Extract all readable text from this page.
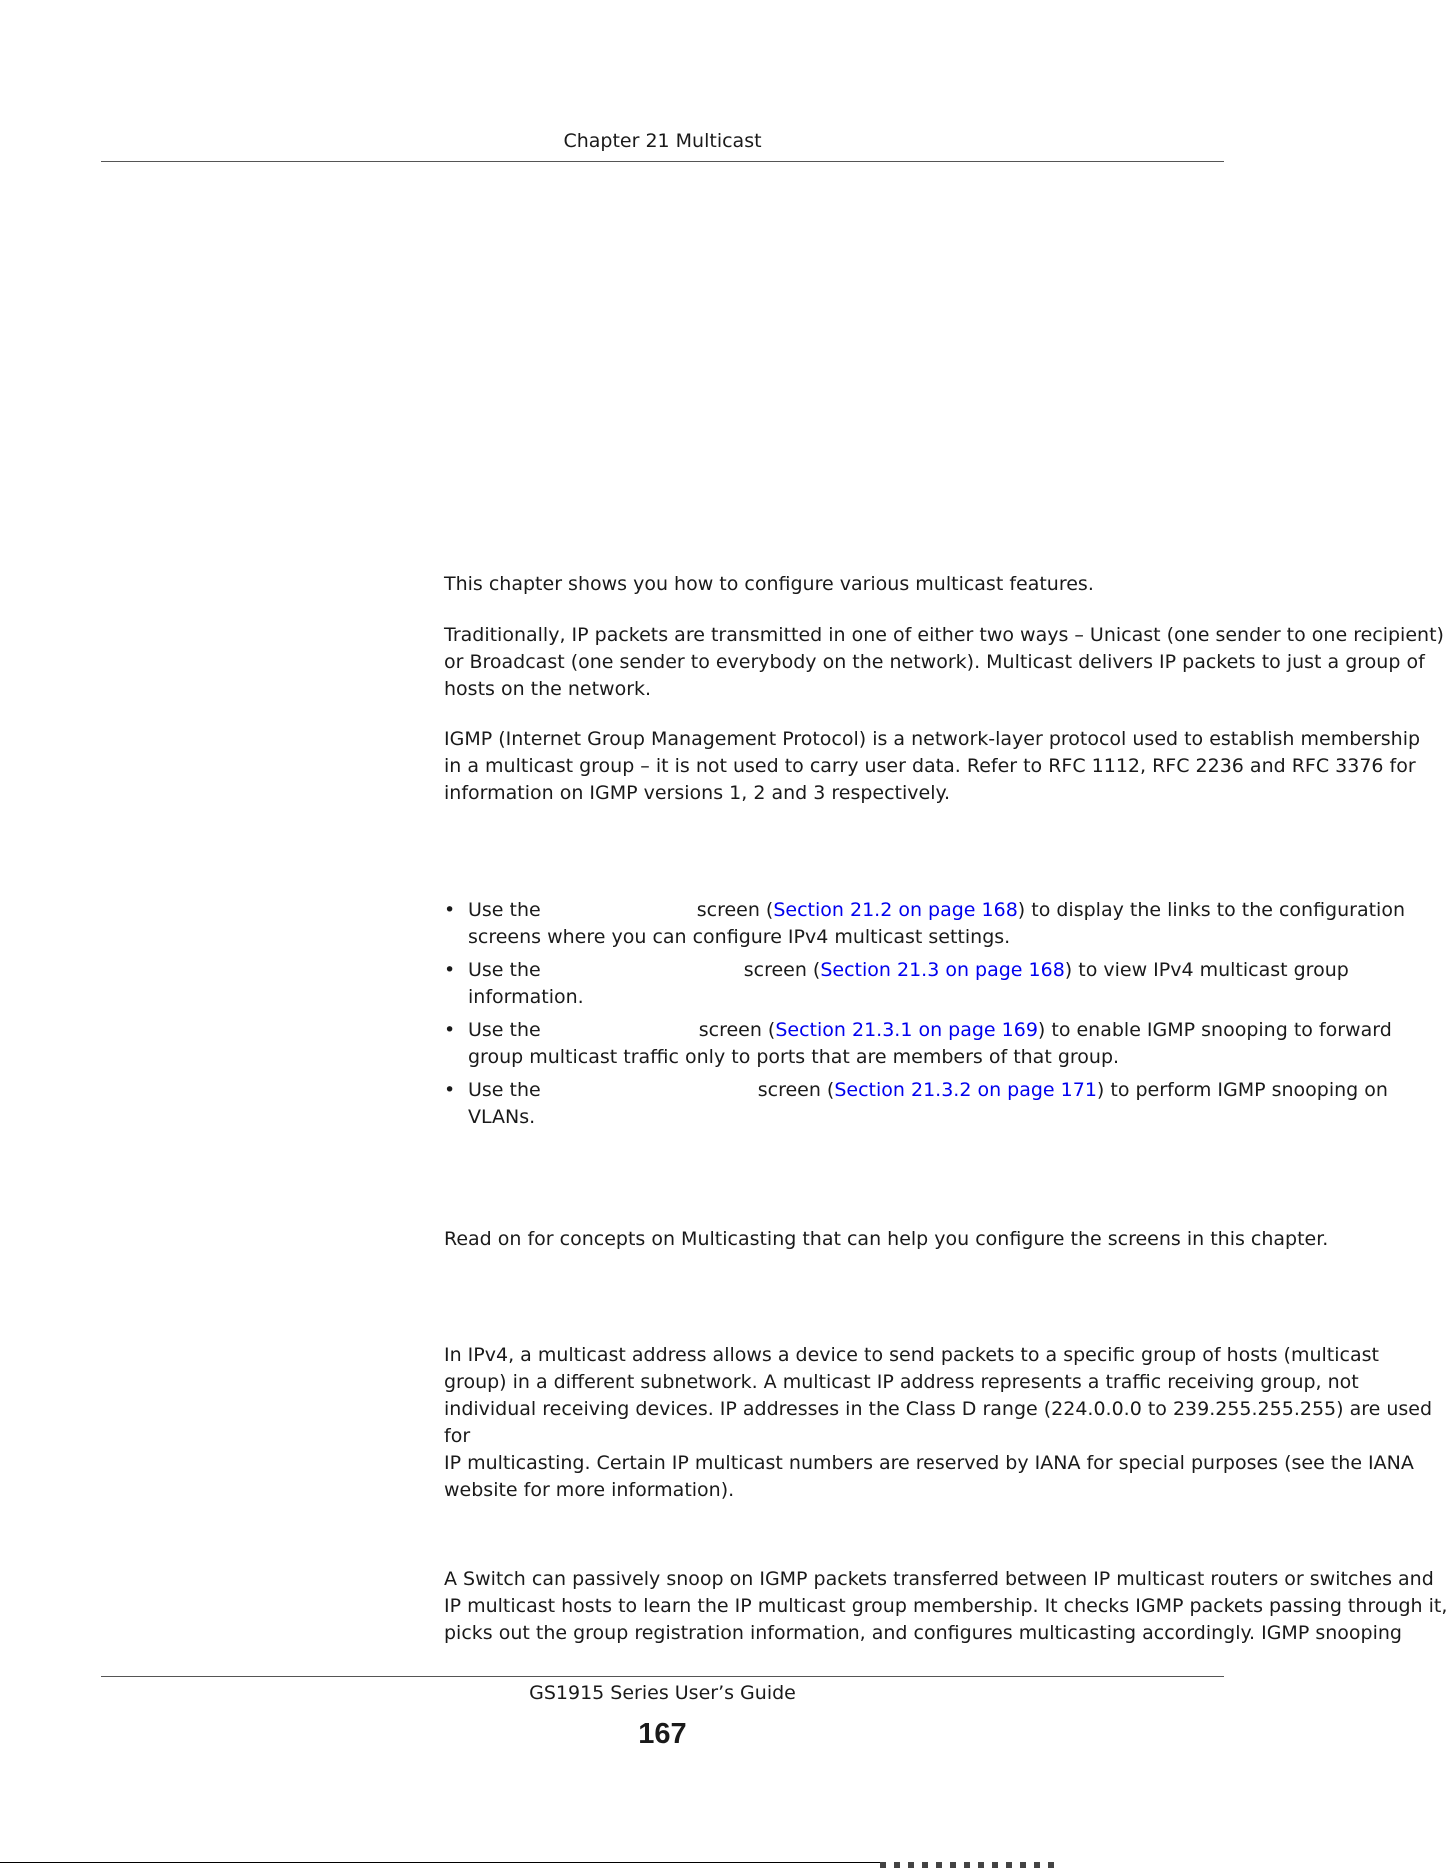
Chapter 21 Multicast

This chapter shows you how to configure various multicast features.

Traditionally, IP packets are transmitted in one of either two ways – Unicast (one sender to one recipient)
or Broadcast (one sender to everybody on the network). Multicast delivers IP packets to just a group of
hosts on the network.

IGMP (Internet Group Management Protocol) is a network-layer protocol used to establish membership
in a multicast group – it is not used to carry user data. Refer to RFC 1112, RFC 2236 and RFC 3376 for
information on IGMP versions 1, 2 and 3 respectively.

• Use the	screen (Section 21.2 on page 168) to display the links to the configuration
screens where you can configure IPv4 multicast settings.
• Use the	screen (Section 21.3 on page 168) to view IPv4 multicast group
information.
• Use the	screen (Section 21.3.1 on page 169) to enable IGMP snooping to forward
group multicast traffic only to ports that are members of that group.
• Use the	screen (Section 21.3.2 on page 171) to perform IGMP snooping on
VLANs.

Read on for concepts on Multicasting that can help you configure the screens in this chapter.

In IPv4, a multicast address allows a device to send packets to a specific group of hosts (multicast
group) in a different subnetwork. A multicast IP address represents a traffic receiving group, not
individual receiving devices. IP addresses in the Class D range (224.0.0.0 to 239.255.255.255) are used for
IP multicasting. Certain IP multicast numbers are reserved by IANA for special purposes (see the IANA
website for more information).

A Switch can passively snoop on IGMP packets transferred between IP multicast routers or switches and
IP multicast hosts to learn the IP multicast group membership. It checks IGMP packets passing through it,
picks out the group registration information, and configures multicasting accordingly. IGMP snooping

GS1915 Series User’s Guide
167
